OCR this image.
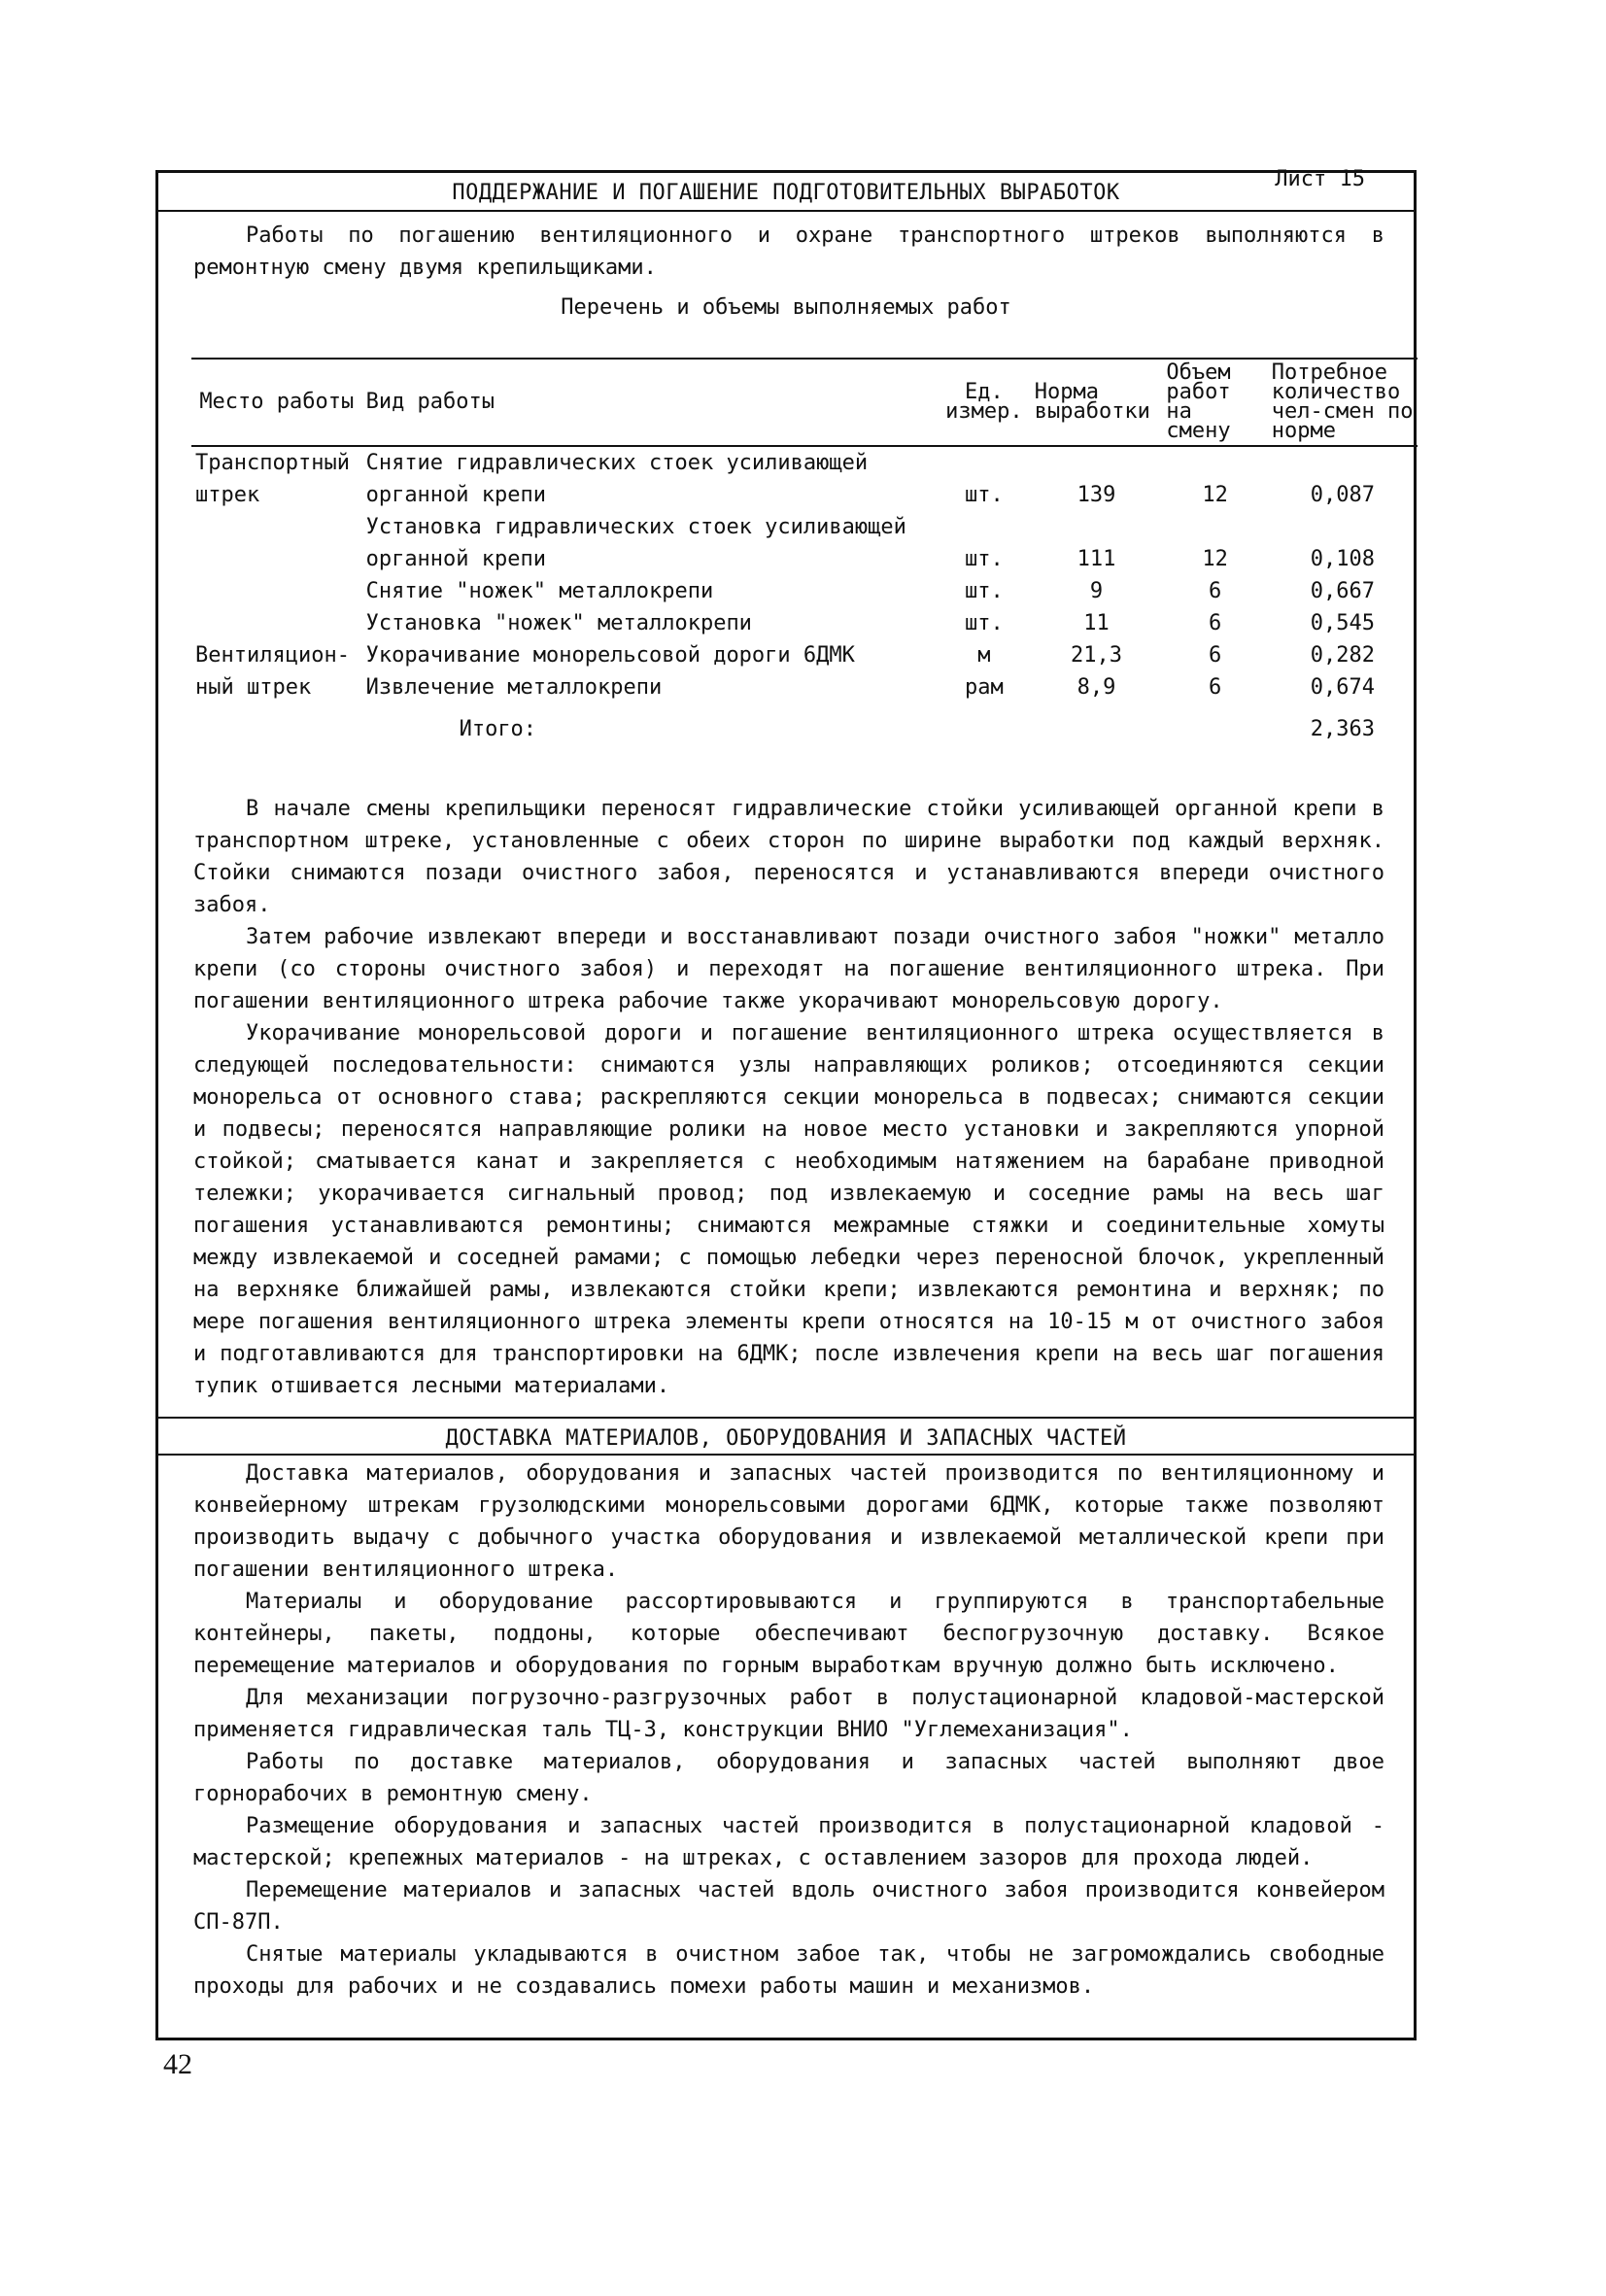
ПОДДЕРЖАНИЕ И ПОГАШЕНИЕ ПОДГОТОВИТЕЛЬНЫХ ВЫРАБОТОК
Лист 15

Работы по погашению вентиляционного и охране транспортного штреков выполняются в ремонтную смену двумя крепильщиками.

Перечень и объемы выполняемых работ
Место работы	Вид работы	Ед. измер.	Норма выработки	Объем работ на смену	Потребное количество чел-смен по норме
Транспортный	Снятие гидравлических стоек усиливающей				
штрек	органной крепи	шт.	139	12	0,087
	Установка гидравлических стоек усиливающей				
	органной крепи	шт.	111	12	0,108
	Снятие "ножек" металлокрепи	шт.	9	6	0,667
	Установка "ножек" металлокрепи	шт.	11	6	0,545
Вентиляцион-	Укорачивание монорельсовой дороги 6ДМК	м	21,3	6	0,282
ный штрек	Извлечение металлокрепи	рам	8,9	6	0,674
	Итого:				2,363

В начале смены крепильщики переносят гидравлические стойки усиливающей органной крепи в транспортном штреке, установленные с обеих сторон по ширине выработки под каждый верхняк. Стойки снимаются позади очистного забоя, переносятся и устанавливаются впереди очистного забоя.

Затем рабочие извлекают впереди и восстанавливают позади очистного забоя "ножки" металло крепи (со стороны очистного забоя) и переходят на погашение вентиляционного штрека. При погашении вентиляционного штрека рабочие также укорачивают монорельсовую дорогу.

Укорачивание монорельсовой дороги и погашение вентиляционного штрека осуществляется в следующей последовательности: снимаются узлы направляющих роликов; отсоединяются секции монорельса от основного става; раскрепляются секции монорельса в подвесах; снимаются секции и подвесы; переносятся направляющие ролики на новое место установки и закрепляются упорной стойкой; сматывается канат и закрепляется с необходимым натяжением на барабане приводной тележки; укорачивается сигнальный провод; под извлекаемую и соседние рамы на весь шаг погашения устанавливаются ремонтины; снимаются межрамные стяжки и соединительные хомуты между извлекаемой и соседней рамами; с помощью лебедки через переносной блочок, укрепленный на верхняке ближайшей рамы, извлекаются стойки крепи; извлекаются ремонтина и верхняк; по мере погашения вентиляционного штрека элементы крепи относятся на 10-15 м от очистного забоя и подготавливаются для транспортировки на 6ДМК; после извлечения крепи на весь шаг погашения тупик отшивается лесными материалами.

ДОСТАВКА МАТЕРИАЛОВ, ОБОРУДОВАНИЯ И ЗАПАСНЫХ ЧАСТЕЙ

Доставка материалов, оборудования и запасных частей производится по вентиляционному и конвейерному штрекам грузолюдскими монорельсовыми дорогами 6ДМК, которые также позволяют производить выдачу с добычного участка оборудования и извлекаемой металлической крепи при погашении вентиляционного штрека.

Материалы и оборудование рассортировываются и группируются в транспортабельные контейнеры, пакеты, поддоны, которые обеспечивают беспогрузочную доставку. Всякое перемещение материалов и оборудования по горным выработкам вручную должно быть исключено.

Для механизации погрузочно-разгрузочных работ в полустационарной кладовой-мастерской применяется гидравлическая таль ТЦ-3, конструкции ВНИО "Углемеханизация".

Работы по доставке материалов, оборудования и запасных частей выполняют двое горнорабочих в ремонтную смену.

Размещение оборудования и запасных частей производится в полустационарной кладовой - мастерской; крепежных материалов - на штреках, с оставлением зазоров для прохода людей.

Перемещение материалов и запасных частей вдоль очистного забоя производится конвейером СП-87П.

Снятые материалы укладываются в очистном забое так, чтобы не загромождались свободные проходы для рабочих и не создавались помехи работы машин и механизмов.

42
